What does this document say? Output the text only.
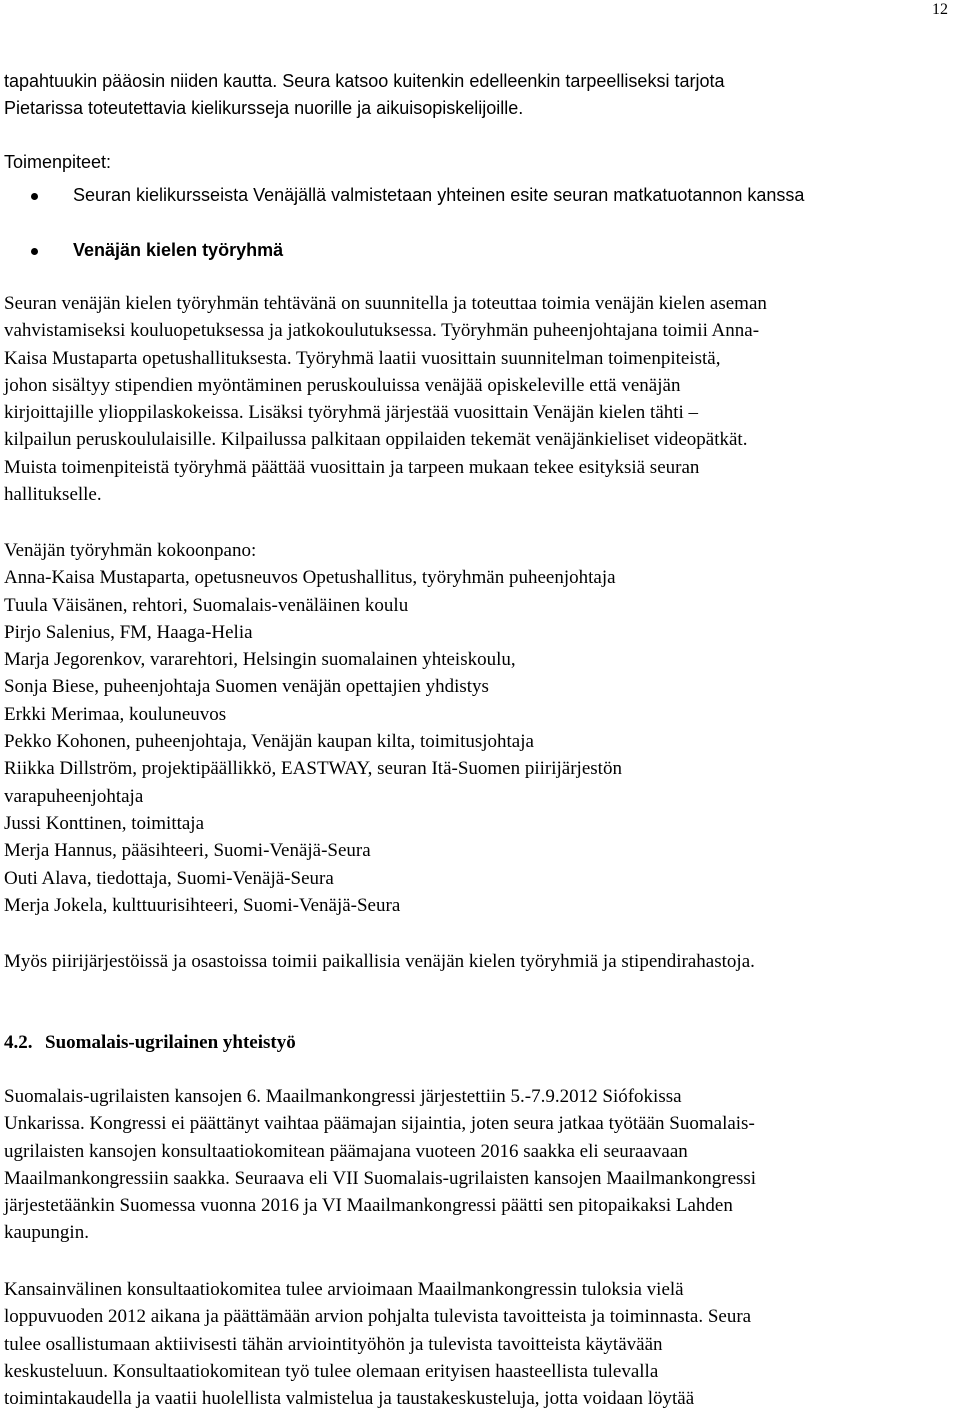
12
tapahtuukin pääosin niiden kautta. Seura katsoo kuitenkin edelleenkin tarpeelliseksi tarjota
Pietarissa toteutettavia kielikursseja nuorille ja aikuisopiskelijoille.
Toimenpiteet:
Seuran kielikursseista Venäjällä valmistetaan yhteinen esite seuran matkatuotannon kanssa
Venäjän kielen työryhmä
Seuran venäjän kielen työryhmän tehtävänä on suunnitella ja toteuttaa toimia venäjän kielen aseman
vahvistamiseksi kouluopetuksessa ja jatkokoulutuksessa. Työryhmän puheenjohtajana toimii Anna-
Kaisa Mustaparta opetushallituksesta. Työryhmä laatii vuosittain suunnitelman toimenpiteistä,
johon sisältyy stipendien myöntäminen peruskouluissa venäjää opiskeleville että venäjän
kirjoittajille ylioppilaskokeissa. Lisäksi työryhmä järjestää vuosittain Venäjän kielen tähti –
kilpailun peruskoululaisille. Kilpailussa palkitaan oppilaiden tekemät venäjänkieliset videopätkät.
Muista toimenpiteistä työryhmä päättää vuosittain ja tarpeen mukaan tekee esityksiä seuran
hallitukselle.
Venäjän työryhmän kokoonpano:
Anna-Kaisa Mustaparta, opetusneuvos Opetushallitus, työryhmän puheenjohtaja
Tuula Väisänen, rehtori, Suomalais-venäläinen koulu
Pirjo Salenius, FM, Haaga-Helia
Marja Jegorenkov, vararehtori, Helsingin suomalainen yhteiskoulu,
Sonja Biese, puheenjohtaja Suomen venäjän opettajien yhdistys
Erkki Merimaa, kouluneuvos
Pekko Kohonen, puheenjohtaja, Venäjän kaupan kilta, toimitusjohtaja
Riikka Dillström, projektipäällikkö, EASTWAY, seuran Itä-Suomen piirijärjestön
varapuheenjohtaja
Jussi Konttinen, toimittaja
Merja Hannus, pääsihteeri, Suomi-Venäjä-Seura
Outi Alava, tiedottaja, Suomi-Venäjä-Seura
Merja Jokela, kulttuurisihteeri, Suomi-Venäjä-Seura
Myös piirijärjestöissä ja osastoissa toimii paikallisia venäjän kielen työryhmiä ja stipendirahastoja.
4.2. Suomalais-ugrilainen yhteistyö
Suomalais-ugrilaisten kansojen 6. Maailmankongressi järjestettiin 5.-7.9.2012 Siófokissa
Unkarissa. Kongressi ei päättänyt vaihtaa päämajan sijaintia, joten seura jatkaa työtään Suomalais-
ugrilaisten kansojen konsultaatiokomitean päämajana vuoteen 2016 saakka eli seuraavaan
Maailmankongressiin saakka. Seuraava eli VII Suomalais-ugrilaisten kansojen Maailmankongressi
järjestetäänkin Suomessa vuonna 2016 ja VI Maailmankongressi päätti sen pitopaikaksi Lahden
kaupungin.
Kansainvälinen konsultaatiokomitea tulee arvioimaan Maailmankongressin tuloksia vielä
loppuvuoden 2012 aikana ja päättämään arvion pohjalta tulevista tavoitteista ja toiminnasta. Seura
tulee osallistumaan aktiivisesti tähän arviointityöhön ja tulevista tavoitteista käytävään
keskusteluun. Konsultaatiokomitean työ tulee olemaan erityisen haasteellista tulevalla
toimintakaudella ja vaatii huolellista valmistelua ja taustakeskusteluja, jotta voidaan löytää
